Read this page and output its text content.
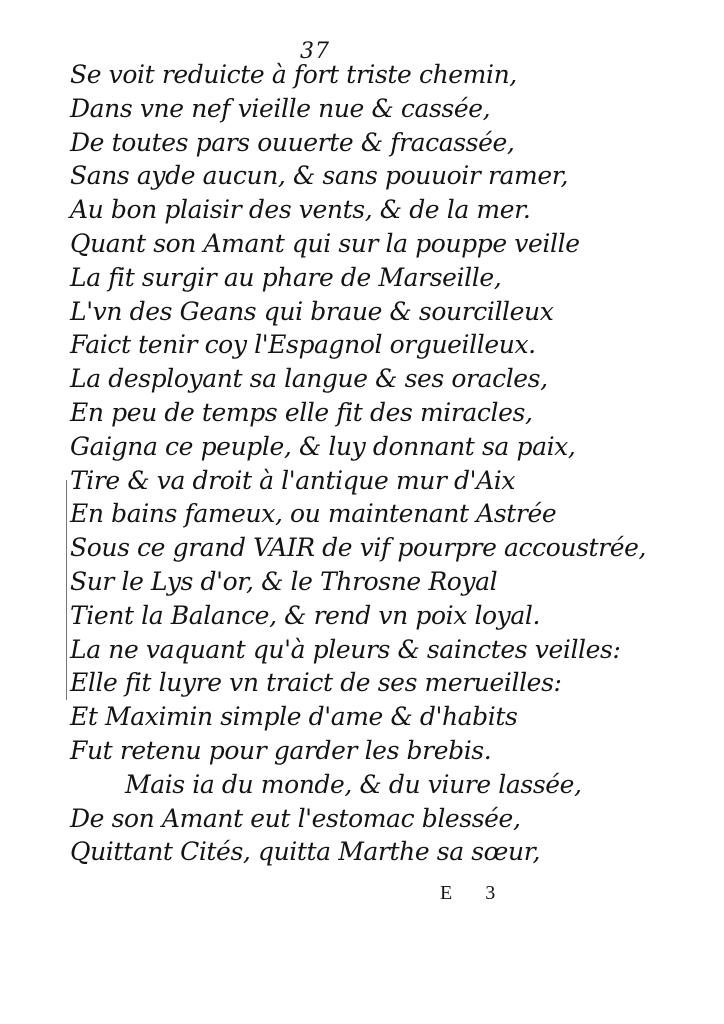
37
Se voit reduicte à fort triste chemin,
Dans vne nef vieille nue & cassée,
De toutes pars ouuerte & fracassée,
Sans ayde aucun, & sans pouuoir ramer,
Au bon plaisir des vents, & de la mer.
Quant son Amant qui sur la pouppe veille
La fit surgir au phare de Marseille,
L'vn des Geans qui braue & sourcilleux
Faict tenir coy l'Espagnol orgueilleux.
La desployant sa langue & ses oracles,
En peu de temps elle fit des miracles,
Gaigna ce peuple, & luy donnant sa paix,
Tire & va droit à l'antique mur d'Aix
En bains fameux, ou maintenant Astrée
Sous ce grand VAIR de vif pourpre accoustrée,
Sur le Lys d'or, & le Throsne Royal
Tient la Balance, & rend vn poix loyal.
La ne vaquant qu'à pleurs & sainctes veilles:
Elle fit luyre vn traict de ses merueilles:
Et Maximin simple d'ame & d'habits
Fut retenu pour garder les brebis.
Mais ia du monde, & du viure lassée,
De son Amant eut l'estomac blessée,
Quittant Cités, quitta Marthe sa sœur,
E 3
